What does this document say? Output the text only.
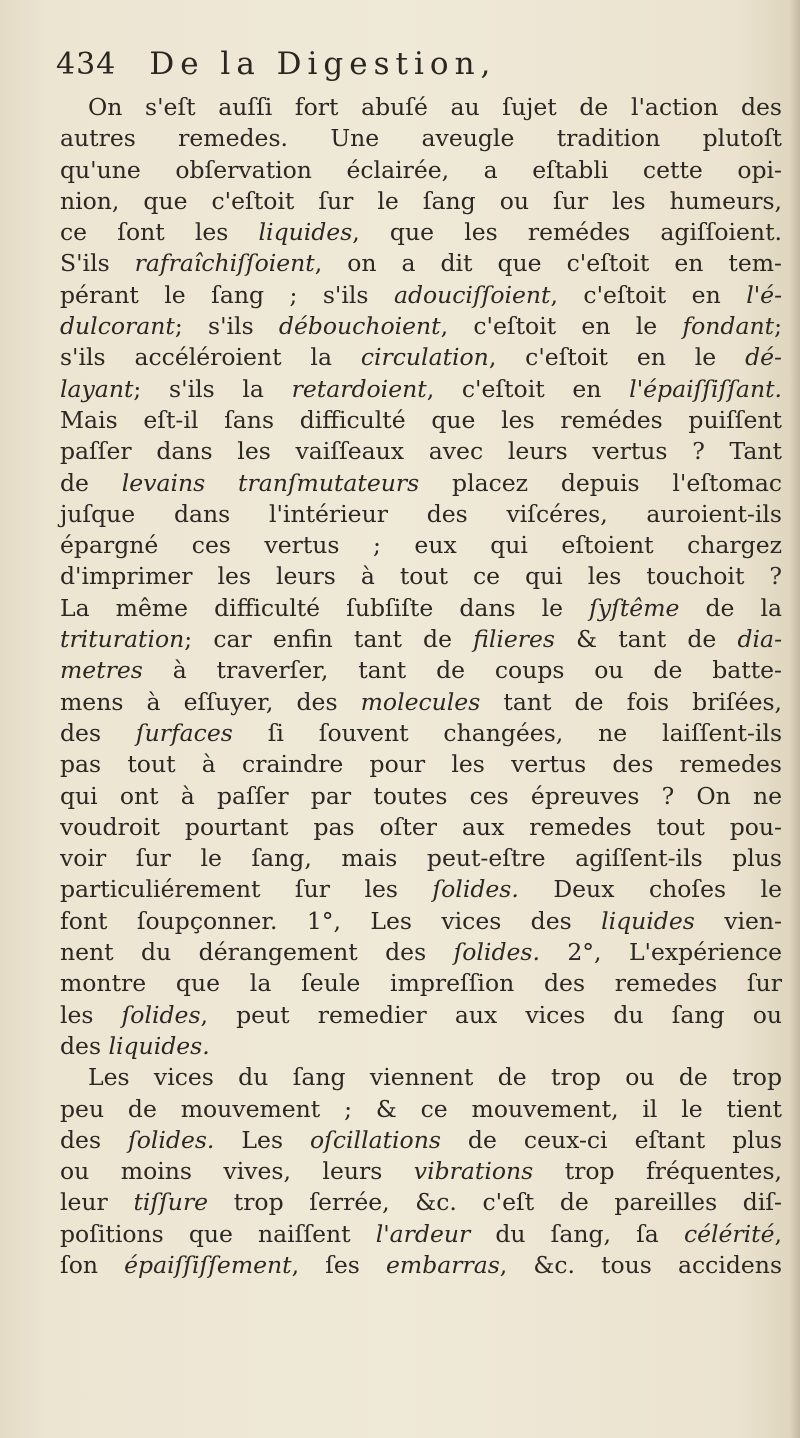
434 De la Digestion,
On s'eſt auſſi fort abuſé au ſujet de l'action des
autres remedes. Une aveugle tradition plutoſt
qu'une obſervation éclairée, a eſtabli cette opi-
nion, que c'eſtoit ſur le ſang ou ſur les humeurs,
ce ſont les liquides, que les remédes agiſſoient.
S'ils rafraîchiſſoient, on a dit que c'eſtoit en tem-
pérant le ſang ; s'ils adouciſſoient, c'eſtoit en l'é-
dulcorant; s'ils débouchoient, c'eſtoit en le fondant;
s'ils accéléroient la circulation, c'eſtoit en le dé-
layant; s'ils la retardoient, c'eſtoit en l'épaiſſiſſant.
Mais eſt-il ſans difficulté que les remédes puiſſent
paſſer dans les vaiſſeaux avec leurs vertus ? Tant
de levains tranſmutateurs placez depuis l'eſtomac
juſque dans l'intérieur des viſcéres, auroient-ils
épargné ces vertus ; eux qui eſtoient chargez
d'imprimer les leurs à tout ce qui les touchoit ?
La même difficulté ſubſiſte dans le ſyſtême de la
trituration; car enfin tant de filieres & tant de dia-
metres à traverſer, tant de coups ou de batte-
mens à eſſuyer, des molecules tant de fois briſées,
des ſurfaces ſi ſouvent changées, ne laiſſent-ils
pas tout à craindre pour les vertus des remedes
qui ont à paſſer par toutes ces épreuves ? On ne
voudroit pourtant pas oſter aux remedes tout pou-
voir ſur le ſang, mais peut-eſtre agiſſent-ils plus
particuliérement ſur les ſolides. Deux choſes le
font ſoupçonner. 1°, Les vices des liquides vien-
nent du dérangement des ſolides. 2°, L'expérience
montre que la ſeule impreſſion des remedes ſur
les ſolides, peut remedier aux vices du ſang ou
des liquides.
Les vices du ſang viennent de trop ou de trop
peu de mouvement ; & ce mouvement, il le tient
des ſolides. Les oſcillations de ceux-ci eſtant plus
ou moins vives, leurs vibrations trop fréquentes,
leur tiſſure trop ſerrée, &c. c'eſt de pareilles diſ-
poſitions que naiſſent l'ardeur du ſang, ſa célérité,
ſon épaiſſiſſement, ſes embarras, &c. tous accidens
